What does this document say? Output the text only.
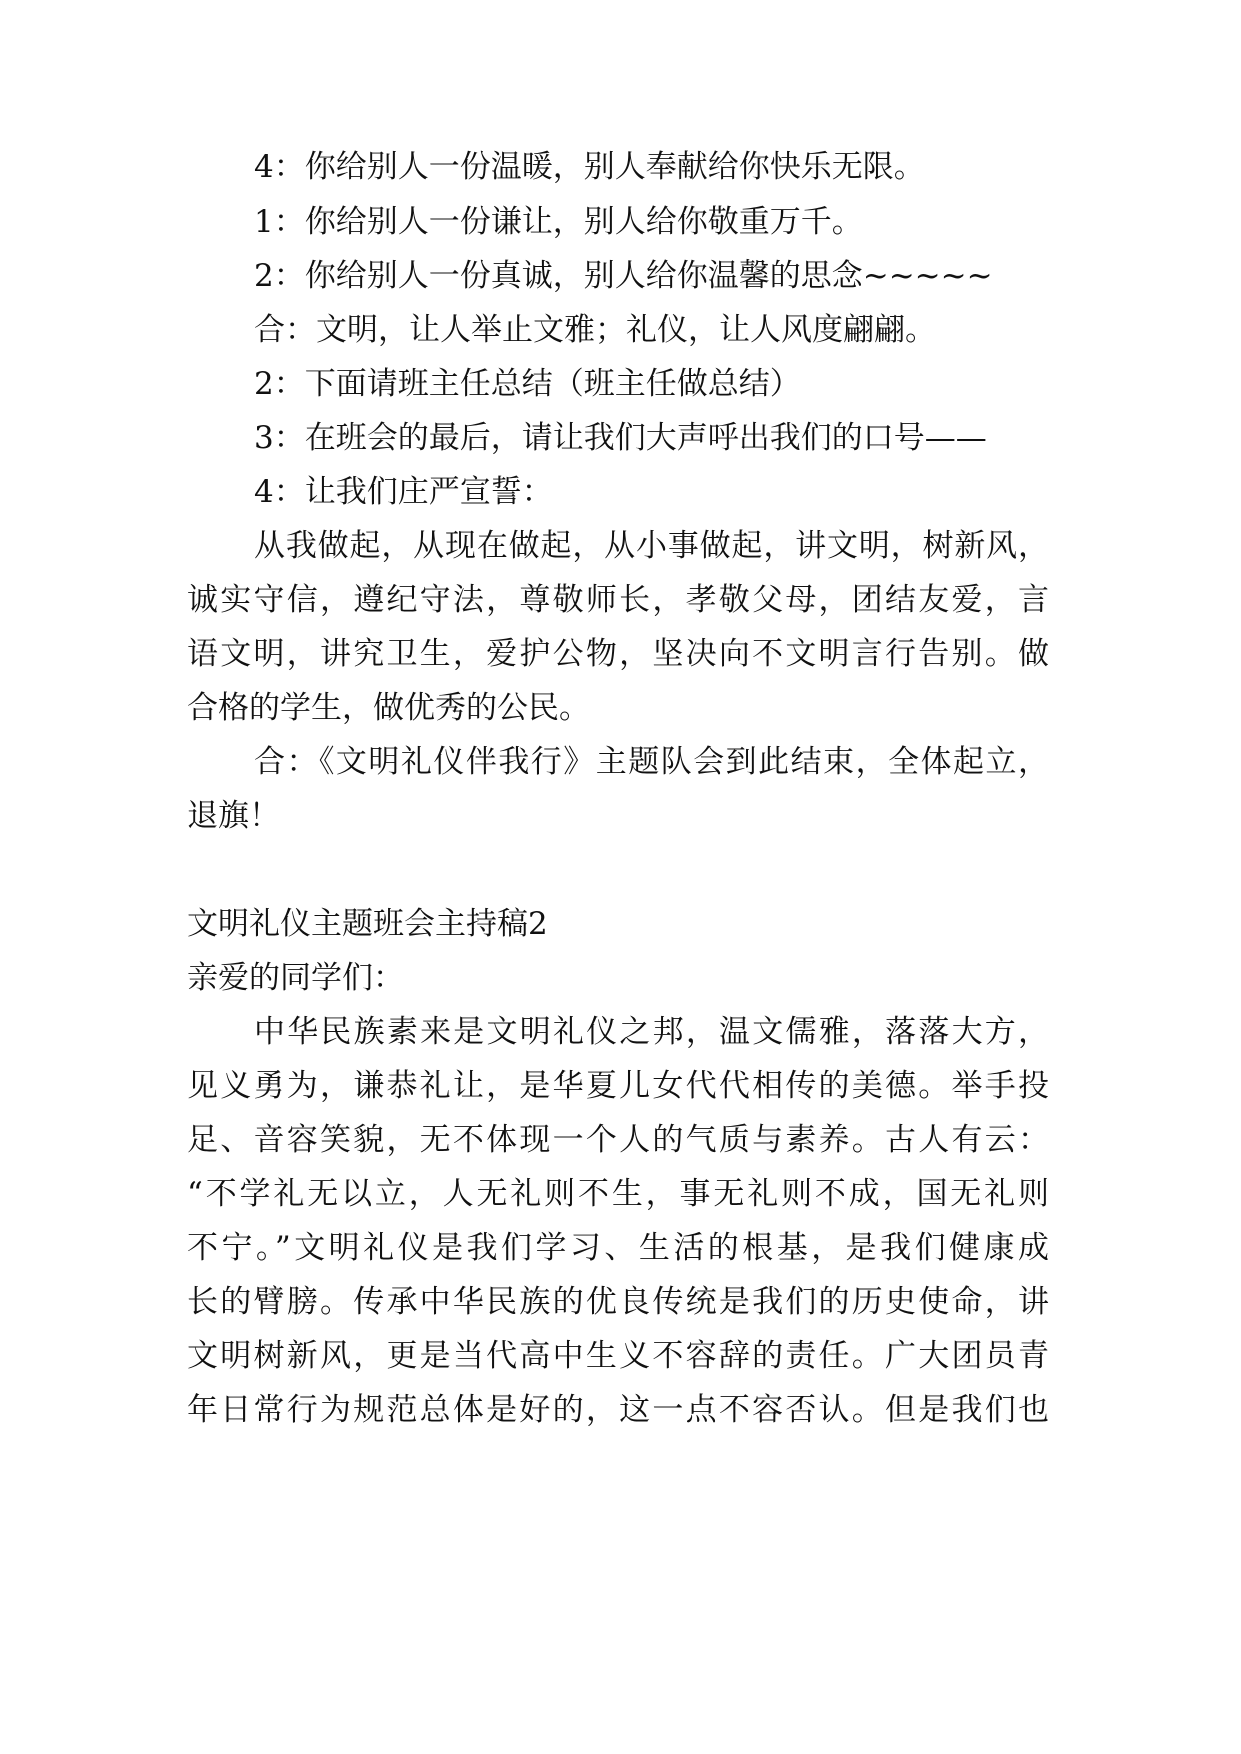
4：你给别人一份温暖，别人奉献给你快乐无限。

1：你给别人一份谦让，别人给你敬重万千。

2：你给别人一份真诚，别人给你温馨的思念~~~~~

合：文明，让人举止文雅；礼仪，让人风度翩翩。

2：下面请班主任总结（班主任做总结）

3：在班会的最后，请让我们大声呼出我们的口号——

4：让我们庄严宣誓：

从我做起，从现在做起，从小事做起，讲文明，树新风，

诚实守信，遵纪守法，尊敬师长，孝敬父母，团结友爱，言

语文明，讲究卫生，爱护公物，坚决向不文明言行告别。做

合格的学生，做优秀的公民。

合：《文明礼仪伴我行》主题队会到此结束，全体起立，

退旗！

文明礼仪主题班会主持稿2

亲爱的同学们：

中华民族素来是文明礼仪之邦，温文儒雅，落落大方，

见义勇为，谦恭礼让，是华夏儿女代代相传的美德。举手投

足、音容笑貌，无不体现一个人的气质与素养。古人有云：

“不学礼无以立，人无礼则不生，事无礼则不成，国无礼则

不宁。”文明礼仪是我们学习、生活的根基，是我们健康成

长的臂膀。传承中华民族的优良传统是我们的历史使命，讲

文明树新风，更是当代高中生义不容辞的责任。广大团员青

年日常行为规范总体是好的，这一点不容否认。但是我们也
